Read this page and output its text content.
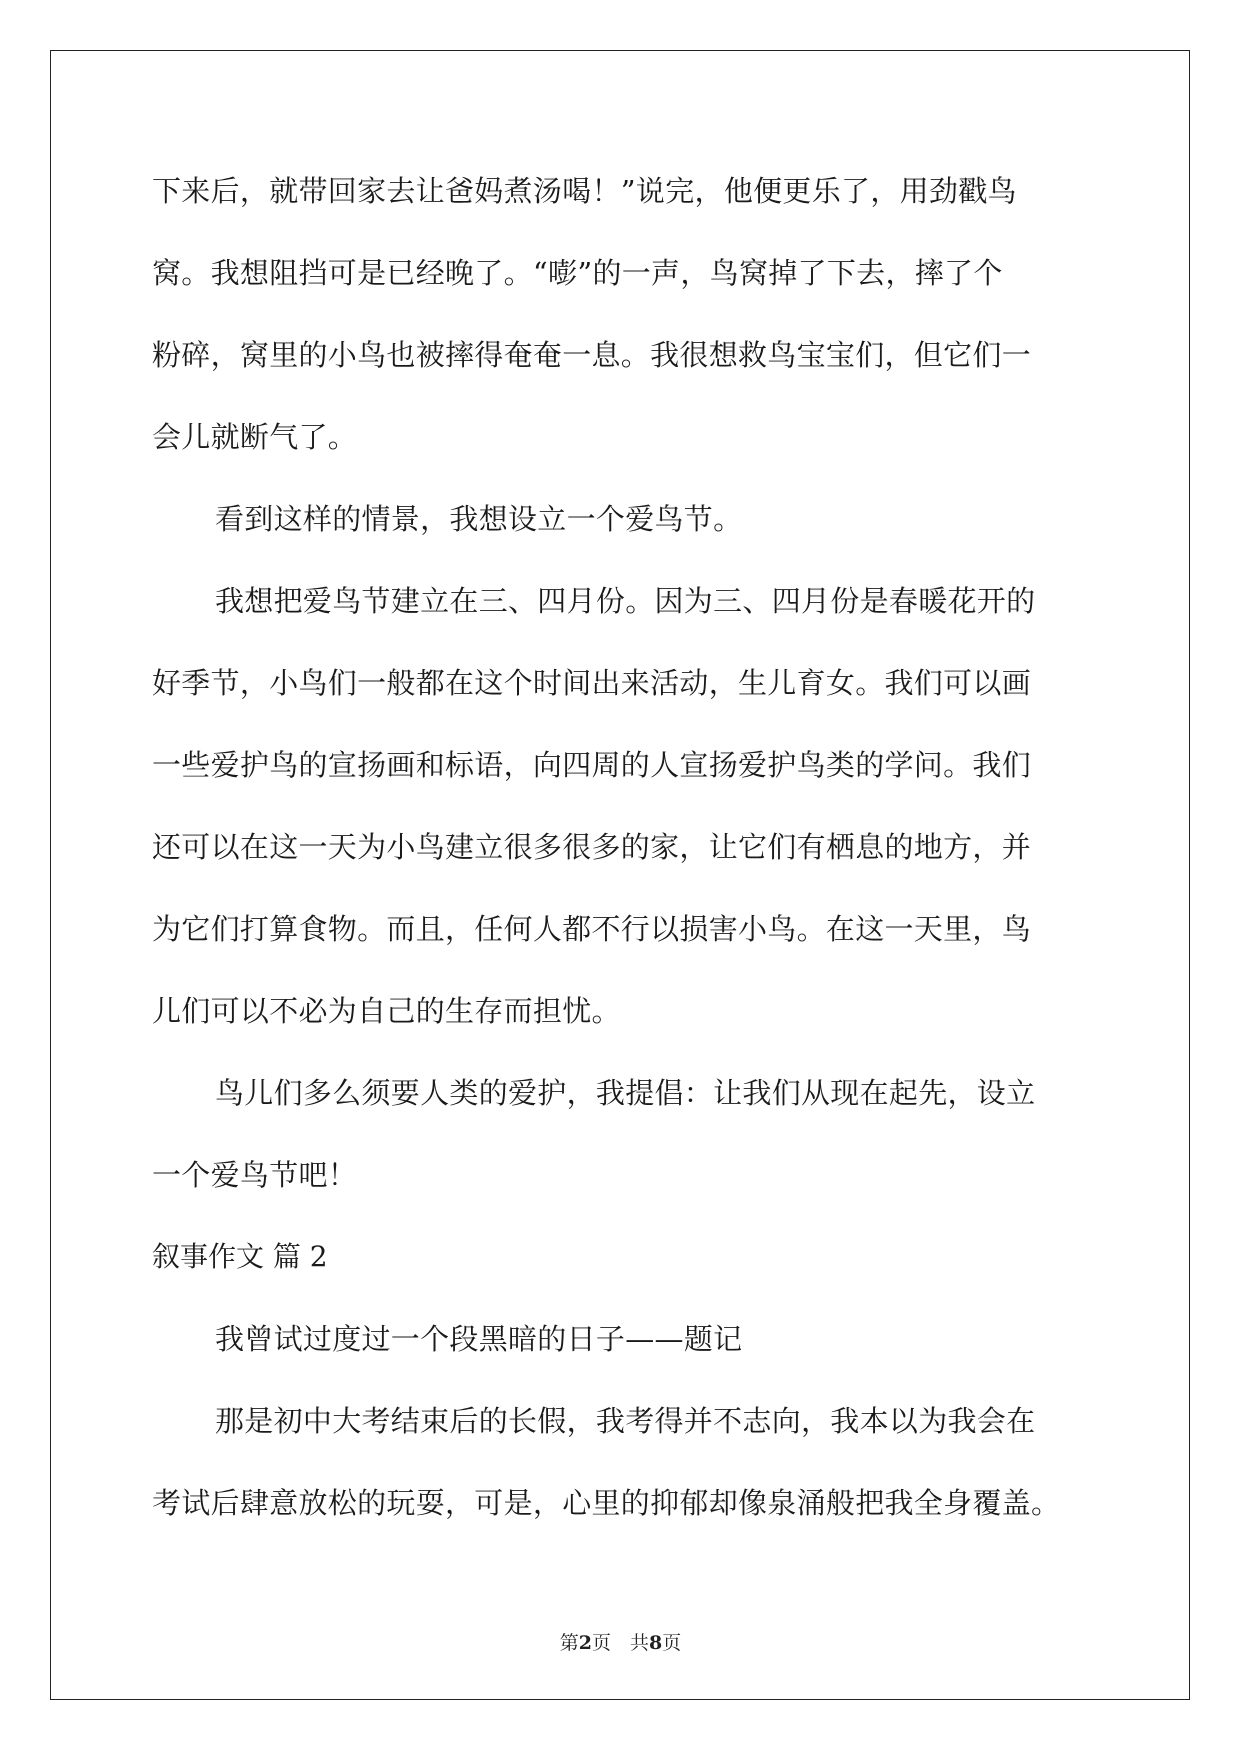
下来后，就带回家去让爸妈煮汤喝！”说完，他便更乐了，用劲戳鸟
窝。我想阻挡可是已经晚了。“嘭”的一声，鸟窝掉了下去，摔了个
粉碎，窝里的小鸟也被摔得奄奄一息。我很想救鸟宝宝们，但它们一
会儿就断气了。
看到这样的情景，我想设立一个爱鸟节。
我想把爱鸟节建立在三、四月份。因为三、四月份是春暖花开的
好季节，小鸟们一般都在这个时间出来活动，生儿育女。我们可以画
一些爱护鸟的宣扬画和标语，向四周的人宣扬爱护鸟类的学问。我们
还可以在这一天为小鸟建立很多很多的家，让它们有栖息的地方，并
为它们打算食物。而且，任何人都不行以损害小鸟。在这一天里，鸟
儿们可以不必为自己的生存而担忧。
鸟儿们多么须要人类的爱护，我提倡：让我们从现在起先，设立
一个爱鸟节吧！
叙事作文 篇 2
我曾试过度过一个段黑暗的日子——题记
那是初中大考结束后的长假，我考得并不志向，我本以为我会在
考试后肆意放松的玩耍，可是，心里的抑郁却像泉涌般把我全身覆盖。
第2页　共8页
